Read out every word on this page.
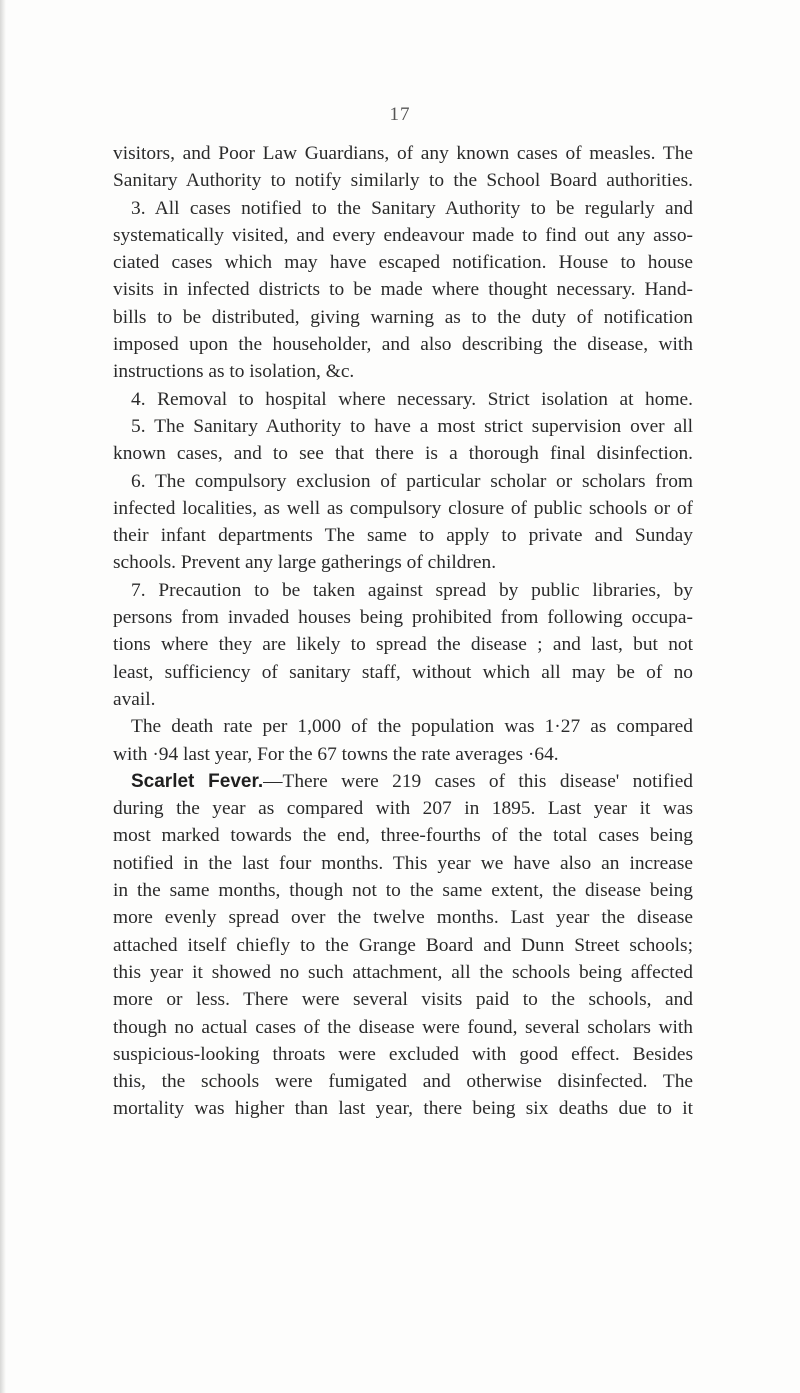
17
visitors, and Poor Law Guardians, of any known cases of measles. The
Sanitary Authority to notify similarly to the School Board authorities.
3. All cases notified to the Sanitary Authority to be regularly and
systematically visited, and every endeavour made to find out any asso-
ciated cases which may have escaped notification. House to house
visits in infected districts to be made where thought necessary. Hand-
bills to be distributed, giving warning as to the duty of notification
imposed upon the householder, and also describing the disease, with
instructions as to isolation, &c.
4. Removal to hospital where necessary. Strict isolation at home.
5. The Sanitary Authority to have a most strict supervision over all
known cases, and to see that there is a thorough final disinfection.
6. The compulsory exclusion of particular scholar or scholars from
infected localities, as well as compulsory closure of public schools or of
their infant departments The same to apply to private and Sunday
schools. Prevent any large gatherings of children.
7. Precaution to be taken against spread by public libraries, by
persons from invaded houses being prohibited from following occupa-
tions where they are likely to spread the disease ; and last, but not
least, sufficiency of sanitary staff, without which all may be of no
avail.
The death rate per 1,000 of the population was 1·27 as compared
with ·94 last year, For the 67 towns the rate averages ·64.
Scarlet Fever.—There were 219 cases of this disease' notified
during the year as compared with 207 in 1895. Last year it was
most marked towards the end, three-fourths of the total cases being
notified in the last four months. This year we have also an increase
in the same months, though not to the same extent, the disease being
more evenly spread over the twelve months. Last year the disease
attached itself chiefly to the Grange Board and Dunn Street schools;
this year it showed no such attachment, all the schools being affected
more or less. There were several visits paid to the schools, and
though no actual cases of the disease were found, several scholars with
suspicious-looking throats were excluded with good effect. Besides
this, the schools were fumigated and otherwise disinfected. The
mortality was higher than last year, there being six deaths due to it
